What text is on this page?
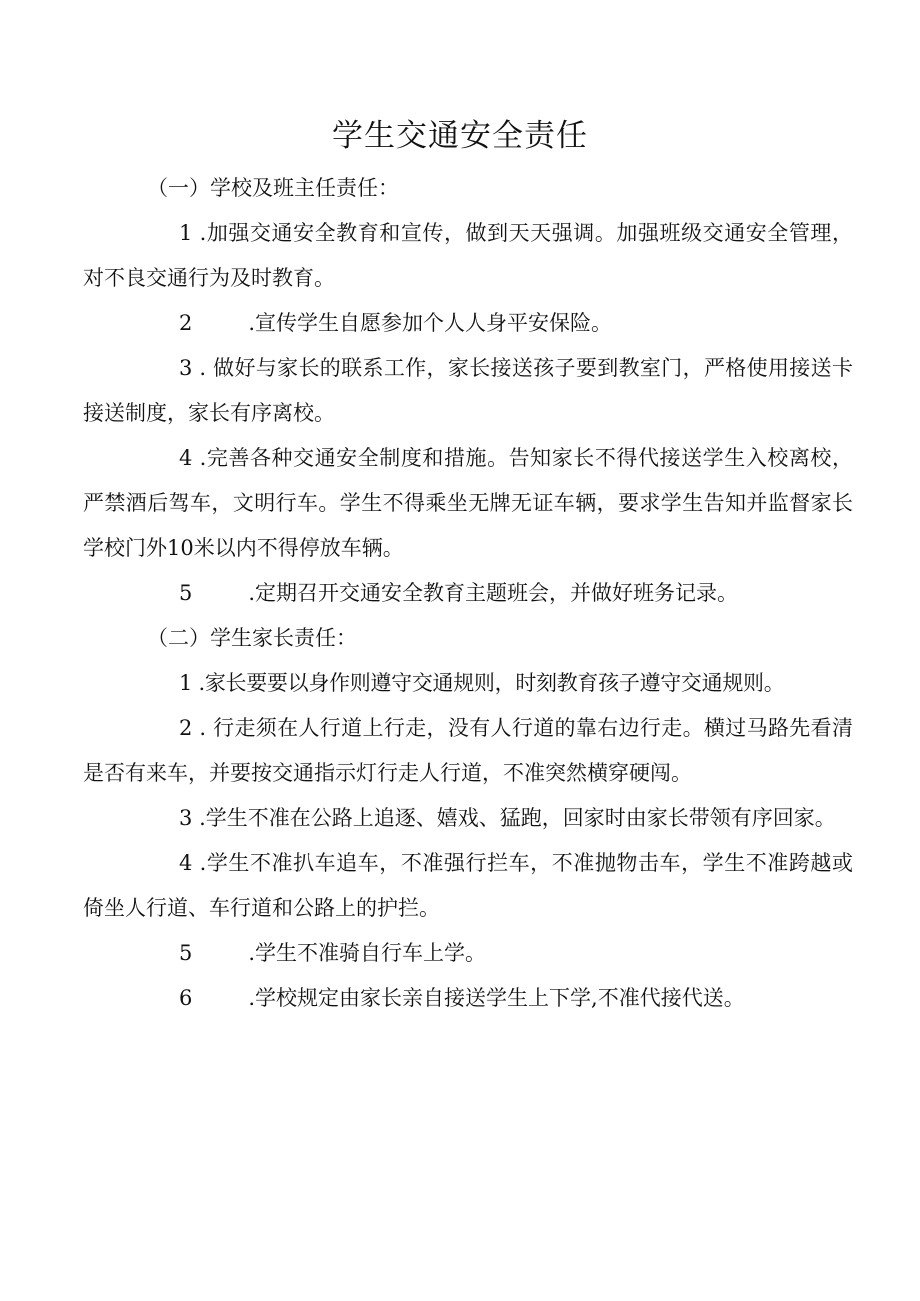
学生交通安全责任

（一）学校及班主任责任：

1 .加强交通安全教育和宣传，做到天天强调。加强班级交通安全管理，对不良交通行为及时教育。

2	.宣传学生自愿参加个人人身平安保险。

3 . 做好与家长的联系工作，家长接送孩子要到教室门，严格使用接送卡接送制度，家长有序离校。

4 .完善各种交通安全制度和措施。告知家长不得代接送学生入校离校，严禁酒后驾车，文明行车。学生不得乘坐无牌无证车辆，要求学生告知并监督家长学校门外10米以内不得停放车辆。

5	.定期召开交通安全教育主题班会，并做好班务记录。

（二）学生家长责任：

1 .家长要要以身作则遵守交通规则，时刻教育孩子遵守交通规则。

2 . 行走须在人行道上行走，没有人行道的靠右边行走。横过马路先看清是否有来车，并要按交通指示灯行走人行道，不准突然横穿硬闯。

3 .学生不准在公路上追逐、嬉戏、猛跑，回家时由家长带领有序回家。

4 .学生不准扒车追车，不准强行拦车，不准抛物击车，学生不准跨越或倚坐人行道、车行道和公路上的护拦。

5	.学生不准骑自行车上学。

6	.学校规定由家长亲自接送学生上下学,不准代接代送。
